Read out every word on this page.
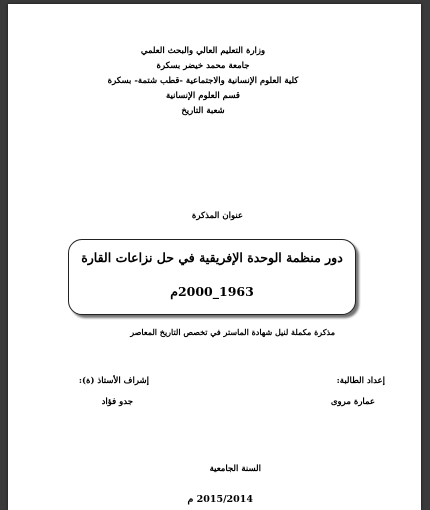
وزارة التعليم العالي والبحث العلمي
جامعة محمد خيضر بسكرة
كلية العلوم الإنسانية والاجتماعية -قطب شتمة- بسكرة
قسم العلوم الإنسانية
شعبة التاريخ
عنوان المذكرة
دور منظمة الوحدة الإفريقية في حل نزاعات القارة
1963_2000م
مذكرة مكملة لنيل شهادة الماستر في تخصص التاريخ المعاصر
إعداد الطالبة:
عمارة مروى
إشراف الأستاذ (ة):
جدو فؤاد
السنة الجامعية
2015/2014 م
